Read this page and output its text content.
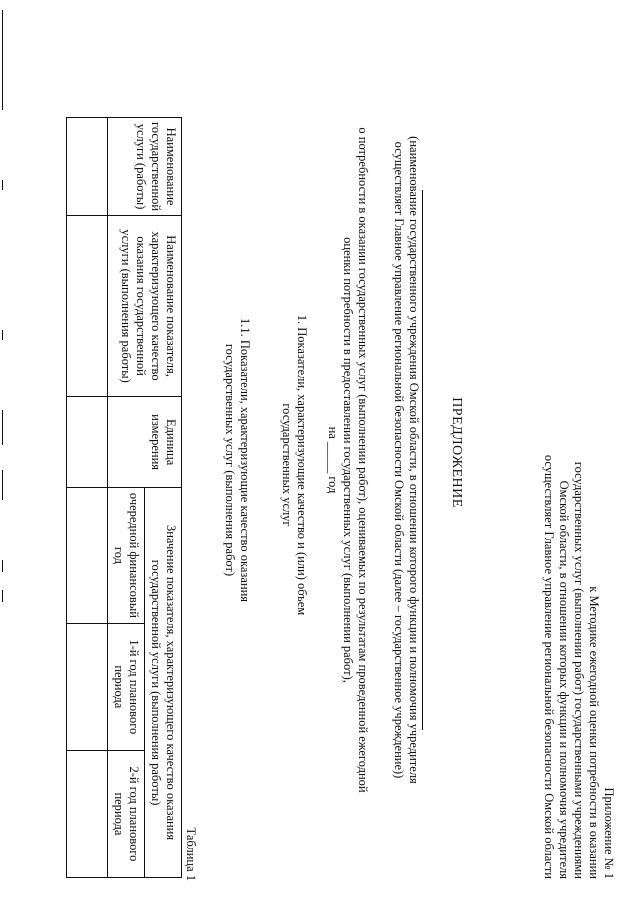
Приложение № 1
к Методике ежегодной оценки потребности в оказании
государственных услуг (выполнении работ) государственными учреждениями
Омской области, в отношении которых функции и полномочия учредителя
осуществляет Главное управление региональной безопасности Омской области
ПРЕДЛОЖЕНИЕ
(наименование государственного учреждения Омской области, в отношении которого функции и полномочия учредителя
осуществляет Главное управление региональной безопасности Омской области (далее – государственное учреждение))
о потребности в оказании государственных услуг (выполнении работ), оцениваемых по результатам проведенной ежегодной
оценки потребности в предоставлении государственных услуг (выполнении работ),
на _____ год
1. Показатели, характеризующие качество и (или) объем
государственных услуг
1.1. Показатели, характеризующие качество оказания
государственных услуг (выполнения работ)
Таблица 1
Наименование государственной услуги (работы)	Наименование показателя, характеризующего качество оказания государственной услуги (выполнения работы)	Единица измерения	Значение показателя, характеризующего качество оказания государственной услуги (выполнения работы)		
			очередной финансовый год	1-й год планового периода	2-й год планового периода
